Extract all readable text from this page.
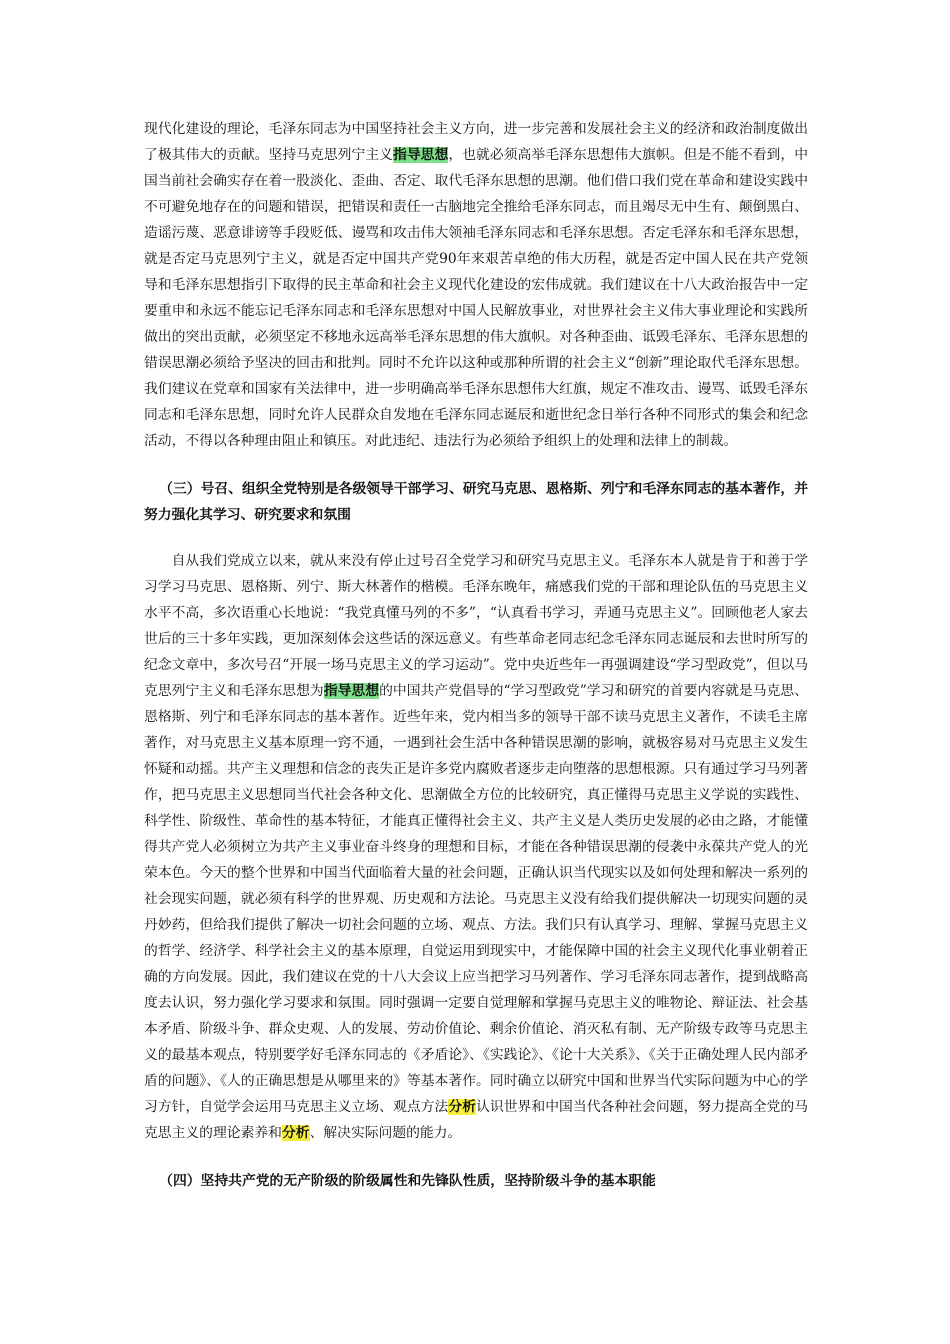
现代化建设的理论，毛泽东同志为中国坚持社会主义方向，进一步完善和发展社会主义的经济和政治制度做出了极其伟大的贡献。坚持马克思列宁主义指导思想，也就必须高举毛泽东思想伟大旗帜。但是不能不看到，中国当前社会确实存在着一股淡化、歪曲、否定、取代毛泽东思想的思潮。他们借口我们党在革命和建设实践中不可避免地存在的问题和错误，把错误和责任一古脑地完全推给毛泽东同志，而且竭尽无中生有、颠倒黑白、造谣污蔑、恶意诽谤等手段贬低、谩骂和攻击伟大领袖毛泽东同志和毛泽东思想。否定毛泽东和毛泽东思想，就是否定马克思列宁主义，就是否定中国共产党90年来艰苦卓绝的伟大历程，就是否定中国人民在共产党领导和毛泽东思想指引下取得的民主革命和社会主义现代化建设的宏伟成就。我们建议在十八大政治报告中一定要重申和永远不能忘记毛泽东同志和毛泽东思想对中国人民解放事业，对世界社会主义伟大事业理论和实践所做出的突出贡献，必须坚定不移地永远高举毛泽东思想的伟大旗帜。对各种歪曲、诋毁毛泽东、毛泽东思想的错误思潮必须给予坚决的回击和批判。同时不允许以这种或那种所谓的社会主义“创新”理论取代毛泽东思想。我们建议在党章和国家有关法律中，进一步明确高举毛泽东思想伟大红旗，规定不准攻击、谩骂、诋毁毛泽东同志和毛泽东思想，同时允许人民群众自发地在毛泽东同志诞辰和逝世纪念日举行各种不同形式的集会和纪念活动，不得以各种理由阻止和镇压。对此违纪、违法行为必须给予组织上的处理和法律上的制裁。

（三）号召、组织全党特别是各级领导干部学习、研究马克思、恩格斯、列宁和毛泽东同志的基本著作，并努力强化其学习、研究要求和氛围

自从我们党成立以来，就从来没有停止过号召全党学习和研究马克思主义。毛泽东本人就是肯于和善于学习学习马克思、恩格斯、列宁、斯大林著作的楷模。毛泽东晚年，痛感我们党的干部和理论队伍的马克思主义水平不高，多次语重心长地说：“我党真懂马列的不多”，“认真看书学习，弄通马克思主义”。回顾他老人家去世后的三十多年实践，更加深刻体会这些话的深远意义。有些革命老同志纪念毛泽东同志诞辰和去世时所写的纪念文章中，多次号召“开展一场马克思主义的学习运动”。党中央近些年一再强调建设“学习型政党”，但以马克思列宁主义和毛泽东思想为指导思想的中国共产党倡导的“学习型政党”学习和研究的首要内容就是马克思、恩格斯、列宁和毛泽东同志的基本著作。近些年来，党内相当多的领导干部不读马克思主义著作，不读毛主席著作，对马克思主义基本原理一窍不通，一遇到社会生活中各种错误思潮的影响，就极容易对马克思主义发生怀疑和动摇。共产主义理想和信念的丧失正是许多党内腐败者逐步走向堕落的思想根源。只有通过学习马列著作，把马克思主义思想同当代社会各种文化、思潮做全方位的比较研究，真正懂得马克思主义学说的实践性、科学性、阶级性、革命性的基本特征，才能真正懂得社会主义、共产主义是人类历史发展的必由之路，才能懂得共产党人必须树立为共产主义事业奋斗终身的理想和目标，才能在各种错误思潮的侵袭中永葆共产党人的光荣本色。今天的整个世界和中国当代面临着大量的社会问题，正确认识当代现实以及如何处理和解决一系列的社会现实问题，就必须有科学的世界观、历史观和方法论。马克思主义没有给我们提供解决一切现实问题的灵丹妙药，但给我们提供了解决一切社会问题的立场、观点、方法。我们只有认真学习、理解、掌握马克思主义的哲学、经济学、科学社会主义的基本原理，自觉运用到现实中，才能保障中国的社会主义现代化事业朝着正确的方向发展。因此，我们建议在党的十八大会议上应当把学习马列著作、学习毛泽东同志著作，提到战略高度去认识，努力强化学习要求和氛围。同时强调一定要自觉理解和掌握马克思主义的唯物论、辩证法、社会基本矛盾、阶级斗争、群众史观、人的发展、劳动价值论、剩余价值论、消灭私有制、无产阶级专政等马克思主义的最基本观点，特别要学好毛泽东同志的《矛盾论》、《实践论》、《论十大关系》、《关于正确处理人民内部矛盾的问题》、《人的正确思想是从哪里来的》等基本著作。同时确立以研究中国和世界当代实际问题为中心的学习方针，自觉学会运用马克思主义立场、观点方法分析认识世界和中国当代各种社会问题，努力提高全党的马克思主义的理论素养和分析、解决实际问题的能力。

（四）坚持共产党的无产阶级的阶级属性和先锋队性质，坚持阶级斗争的基本职能
